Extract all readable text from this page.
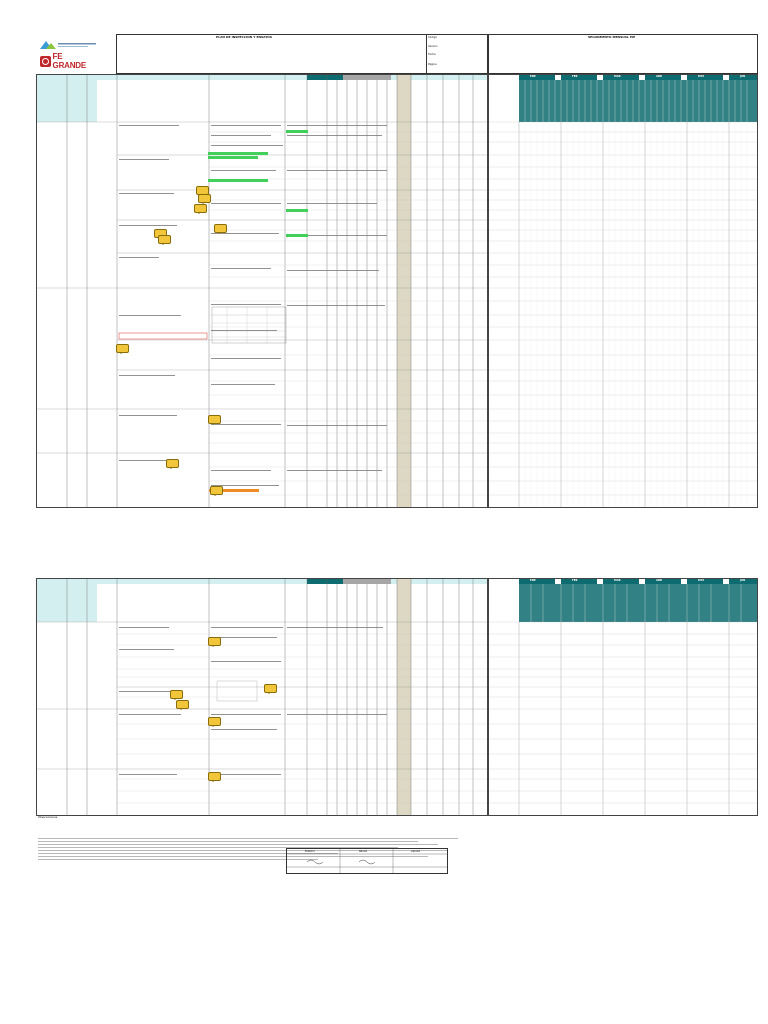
FE GRANDE
PLAN DE INSPECCIÓN Y ENSAYOS	Código
Versión
Fecha
Página
SEGUIMIENTO MENSUAL PIE
Observaciones:
Elaboró	Revisó	Aprobó
ENE	FEB	MAR	ABR	MAY	JUN
ENE	FEB	MAR	ABR	MAY	JUN
